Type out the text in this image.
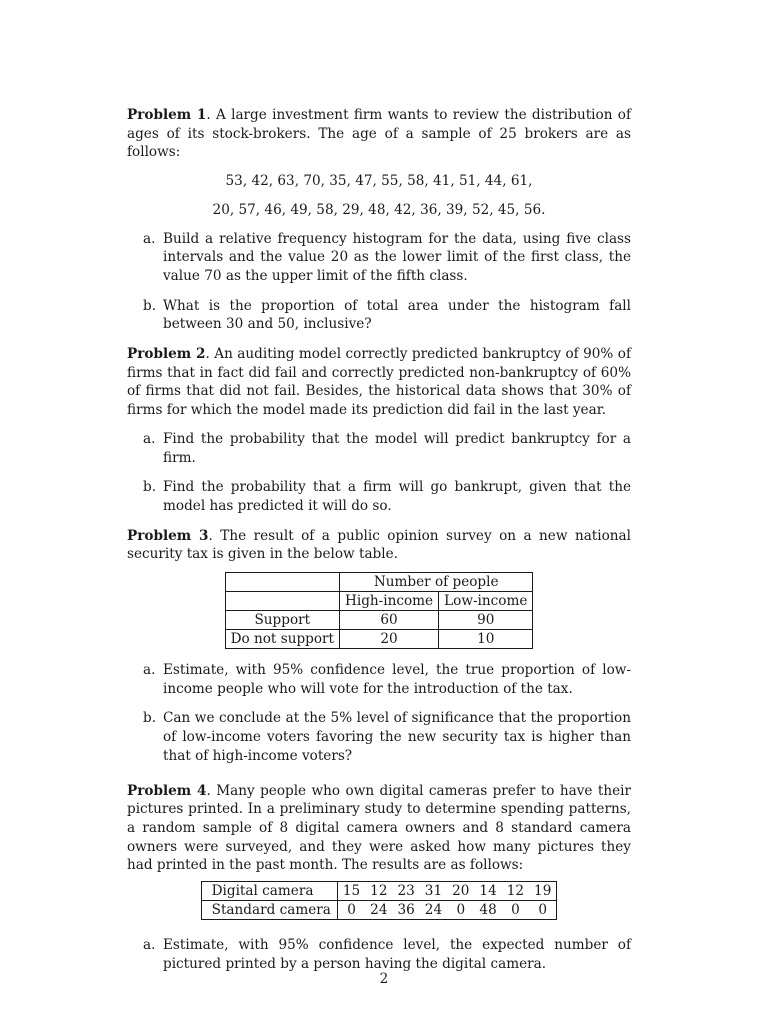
Problem 1. A large investment firm wants to review the distribution of ages of its stock-brokers. The age of a sample of 25 brokers are as follows:

53, 42, 63, 70, 35, 47, 55, 58, 41, 51, 44, 61,

20, 57, 46, 49, 58, 29, 48, 42, 36, 39, 52, 45, 56.

a. Build a relative frequency histogram for the data, using five class intervals and the value 20 as the lower limit of the first class, the value 70 as the upper limit of the fifth class.
b. What is the proportion of total area under the histogram fall between 30 and 50, inclusive?

Problem 2. An auditing model correctly predicted bankruptcy of 90% of firms that in fact did fail and correctly predicted non-bankruptcy of 60% of firms that did not fail. Besides, the historical data shows that 30% of firms for which the model made its prediction did fail in the last year.

a. Find the probability that the model will predict bankruptcy for a firm.
b. Find the probability that a firm will go bankrupt, given that the model has predicted it will do so.

Problem 3. The result of a public opinion survey on a new national security tax is given in the below table.

	Number of people	
	High-income	Low-income
Support	60	90
Do not support	20	10
a. Estimate, with 95% confidence level, the true proportion of low-income people who will vote for the introduction of the tax.
b. Can we conclude at the 5% level of significance that the proportion of low-income voters favoring the new security tax is higher than that of high-income voters?

Problem 4. Many people who own digital cameras prefer to have their pictures printed. In a preliminary study to determine spending patterns, a random sample of 8 digital camera owners and 8 standard camera owners were surveyed, and they were asked how many pictures they had printed in the past month. The results are as follows:

Digital camera	15	12	23	31	20	14	12	19
Standard camera	0	24	36	24	0	48	0	0
a. Estimate, with 95% confidence level, the expected number of pictured printed by a person having the digital camera.
2
